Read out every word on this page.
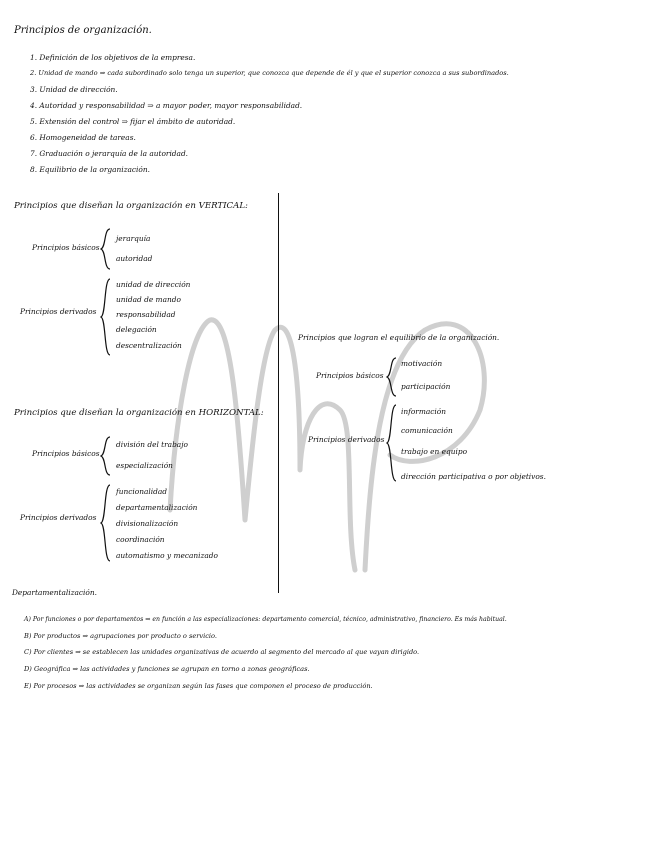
Principios de organización.
1. Definición de los objetivos de la empresa.
2. Unidad de mando ⇒ cada subordinado solo tenga un superior, que conozca que depende de él y que el superior conozca a sus subordinados.
3. Unidad de dirección.
4. Autoridad y responsabilidad ⇒ a mayor poder, mayor responsabilidad.
5. Extensión del control ⇒ fijar el ámbito de autoridad.
6. Homogeneidad de tareas.
7. Graduación o jerarquía de la autoridad.
8. Equilibrio de la organización.
Principios que diseñan la organización en VERTICAL:
Principios básicos
jerarquía
autoridad
Principios derivados
unidad de dirección
unidad de mando
responsabilidad
delegación
descentralización
Principios que diseñan la organización en HORIZONTAL:
Principios básicos
división del trabajo
especialización
Principios derivados
funcionalidad
departamentalización
divisionalización
coordinación
automatismo y mecanizado
Principios que logran el equilibrio de la organización.
Principios básicos
motivación
participación
Principios derivados
información
comunicación
trabajo en equipo
dirección participativa o por objetivos.
Departamentalización.
A) Por funciones o por departamentos ⇒ en función a las especializaciones: departamento comercial, técnico, administrativo, financiero. Es más habitual.
B) Por productos ⇒ agrupaciones por producto o servicio.
C) Por clientes ⇒ se establecen las unidades organizativas de acuerdo al segmento del mercado al que vayan dirigido.
D) Geográfica ⇒ las actividades y funciones se agrupan en torno a zonas geográficas.
E) Por procesos ⇒ las actividades se organizan según las fases que componen el proceso de producción.
